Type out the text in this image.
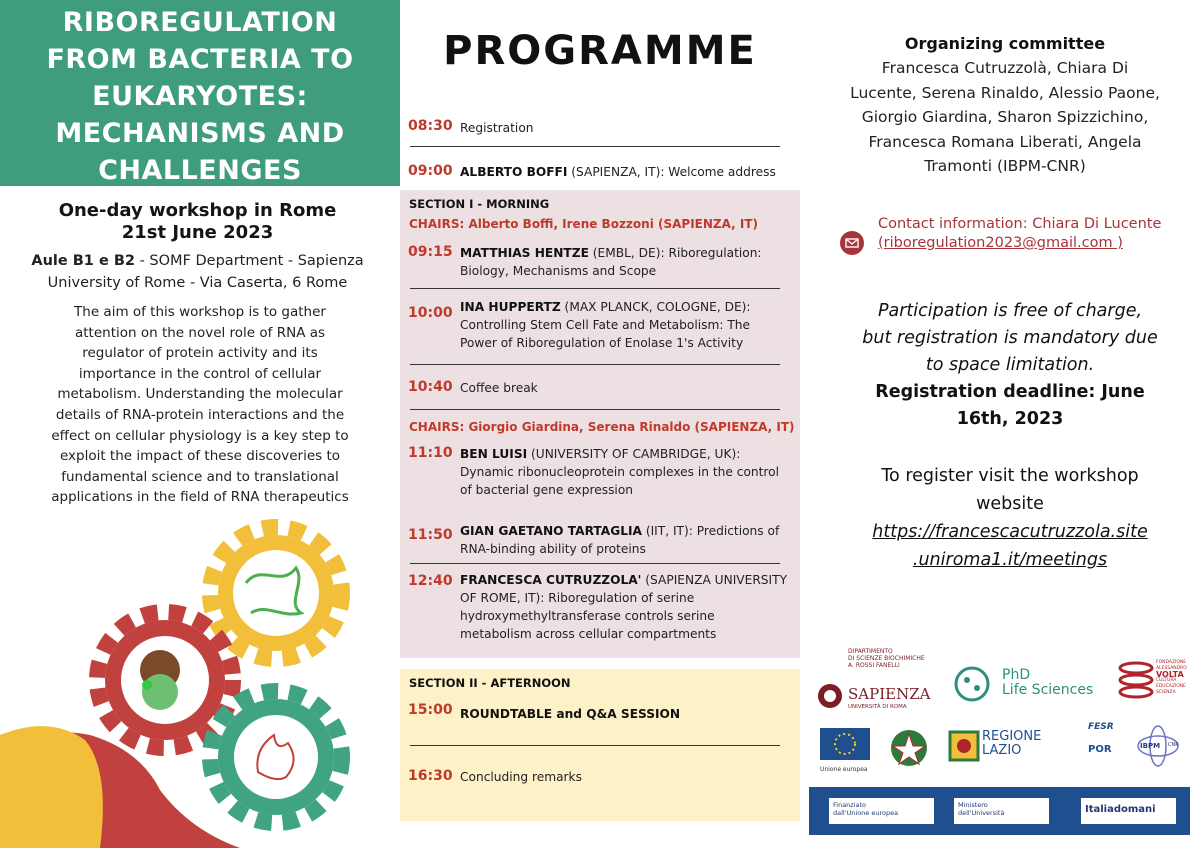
RIBOREGULATION FROM BACTERIA TO EUKARYOTES: MECHANISMS AND CHALLENGES
One-day workshop in Rome
21st June 2023
Aule B1 e B2 - SOMF Department - Sapienza University of Rome - Via Caserta, 6 Rome

The aim of this workshop is to gather attention on the novel role of RNA as regulator of protein activity and its importance in the control of cellular metabolism. Understanding the molecular details of RNA-protein interactions and the effect on cellular physiology is a key step to exploit the impact of these discoveries to fundamental science and to translational applications in the field of RNA therapeutics

PROGRAMME
08:30 Registration
09:00 ALBERTO BOFFI (SAPIENZA, IT): Welcome address
SECTION I - MORNING
CHAIRS: Alberto Boffi, Irene Bozzoni (SAPIENZA, IT)
09:15 MATTHIAS HENTZE (EMBL, DE): Riboregulation: Biology, Mechanisms and Scope
10:00 INA HUPPERTZ (MAX PLANCK, COLOGNE, DE): Controlling Stem Cell Fate and Metabolism: The Power of Riboregulation of Enolase 1's Activity
10:40 Coffee break
CHAIRS: Giorgio Giardina, Serena Rinaldo (SAPIENZA, IT)
11:10 BEN LUISI (UNIVERSITY OF CAMBRIDGE, UK): Dynamic ribonucleoprotein complexes in the control of bacterial gene expression
11:50 GIAN GAETANO TARTAGLIA (IIT, IT): Predictions of RNA-binding ability of proteins
12:40 FRANCESCA CUTRUZZOLA' (SAPIENZA UNIVERSITY OF ROME, IT): Riboregulation of serine hydroxymethyltransferase controls serine metabolism across cellular compartments
SECTION II - AFTERNOON
15:00 ROUNDTABLE and Q&A SESSION
16:30 Concluding remarks
Organizing committee
Francesca Cutruzzolà, Chiara Di Lucente, Serena Rinaldo, Alessio Paone, Giorgio Giardina, Sharon Spizzichino, Francesca Romana Liberati, Angela Tramonti (IBPM-CNR)
Contact information: Chiara Di Lucente
(riboregulation2023@gmail.com )
Participation is free of charge,
but registration is mandatory due
to space limitation.
Registration deadline: June 16th, 2023
To register visit the workshop website
https://francescacutruzzola.site
.uniroma1.it/meetings
DIPARTIMENTO
DI SCIENZE BIOCHIMICHE
A. ROSSI FANELLI
SAPIENZA
UNIVERSITÀ DI ROMA
PhD
Life Sciences
FONDAZIONE
ALESSANDRO
VOLTA
CULTURA
EDUCAZIONE
SCIENZA
Unione europea
REGIONE
LAZIO
FESR
POR	IBPM CNR
Finanziato
dall'Unione europea
Ministero
dell'Università	Italiadomani
